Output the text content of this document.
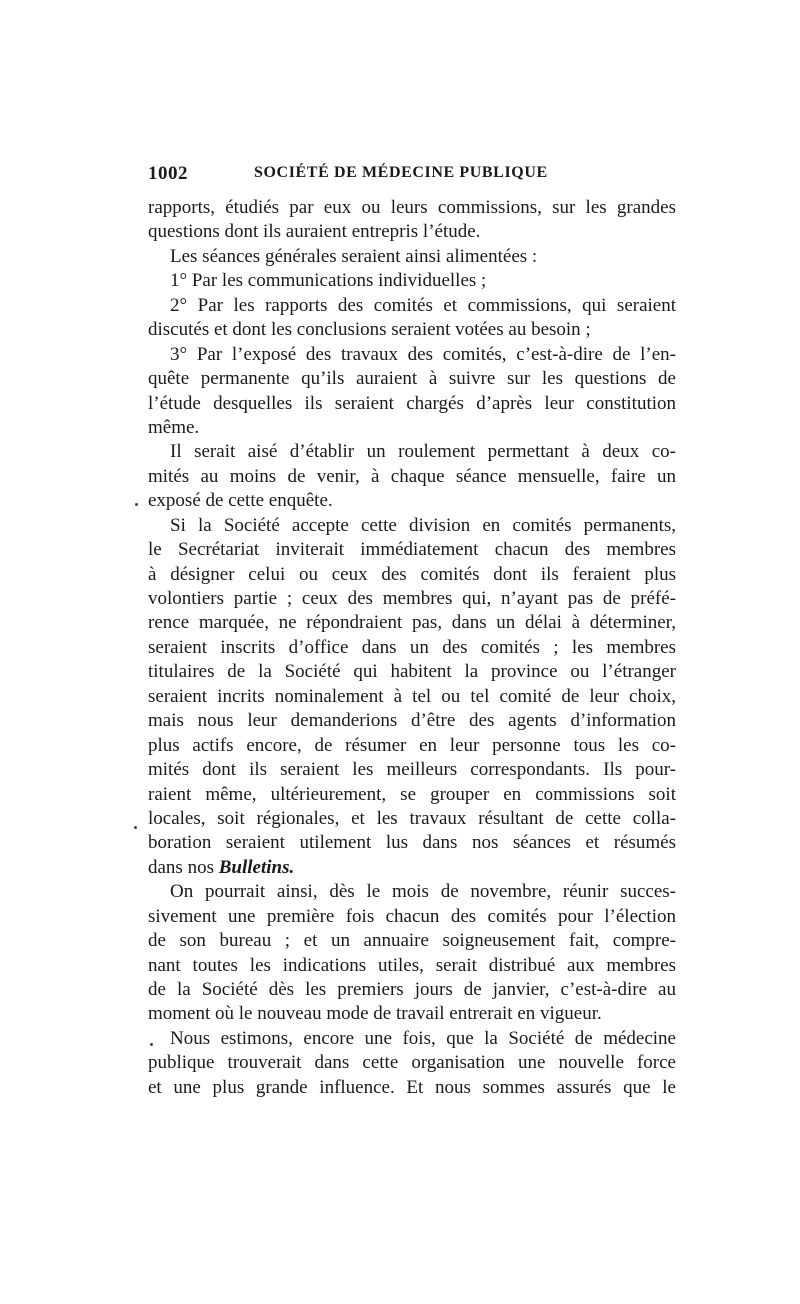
1002	SOCIÉTÉ DE MÉDECINE PUBLIQUE
rapports, étudiés par eux ou leurs commissions, sur les grandes
questions dont ils auraient entrepris l’étude.
Les séances générales seraient ainsi alimentées :
1° Par les communications individuelles ;
2° Par les rapports des comités et commissions, qui seraient
discutés et dont les conclusions seraient votées au besoin ;
3° Par l’exposé des travaux des comités, c’est-à-dire de l’en-
quête permanente qu’ils auraient à suivre sur les questions de
l’étude desquelles ils seraient chargés d’après leur constitution
même.
Il serait aisé d’établir un roulement permettant à deux co-
mités au moins de venir, à chaque séance mensuelle, faire un
exposé de cette enquête.
Si la Société accepte cette division en comités permanents,
le Secrétariat inviterait immédiatement chacun des membres
à désigner celui ou ceux des comités dont ils feraient plus
volontiers partie ; ceux des membres qui, n’ayant pas de préfé-
rence marquée, ne répondraient pas, dans un délai à déterminer,
seraient inscrits d’office dans un des comités ; les membres
titulaires de la Société qui habitent la province ou l’étranger
seraient incrits nominalement à tel ou tel comité de leur choix,
mais nous leur demanderions d’être des agents d’information
plus actifs encore, de résumer en leur personne tous les co-
mités dont ils seraient les meilleurs correspondants. Ils pour-
raient même, ultérieurement, se grouper en commissions soit
locales, soit régionales, et les travaux résultant de cette colla-
boration seraient utilement lus dans nos séances et résumés
dans nos Bulletins.
On pourrait ainsi, dès le mois de novembre, réunir succes-
sivement une première fois chacun des comités pour l’élection
de son bureau ; et un annuaire soigneusement fait, compre-
nant toutes les indications utiles, serait distribué aux membres
de la Société dès les premiers jours de janvier, c’est-à-dire au
moment où le nouveau mode de travail entrerait en vigueur.
Nous estimons, encore une fois, que la Société de médecine
publique trouverait dans cette organisation une nouvelle force
et une plus grande influence. Et nous sommes assurés que le
